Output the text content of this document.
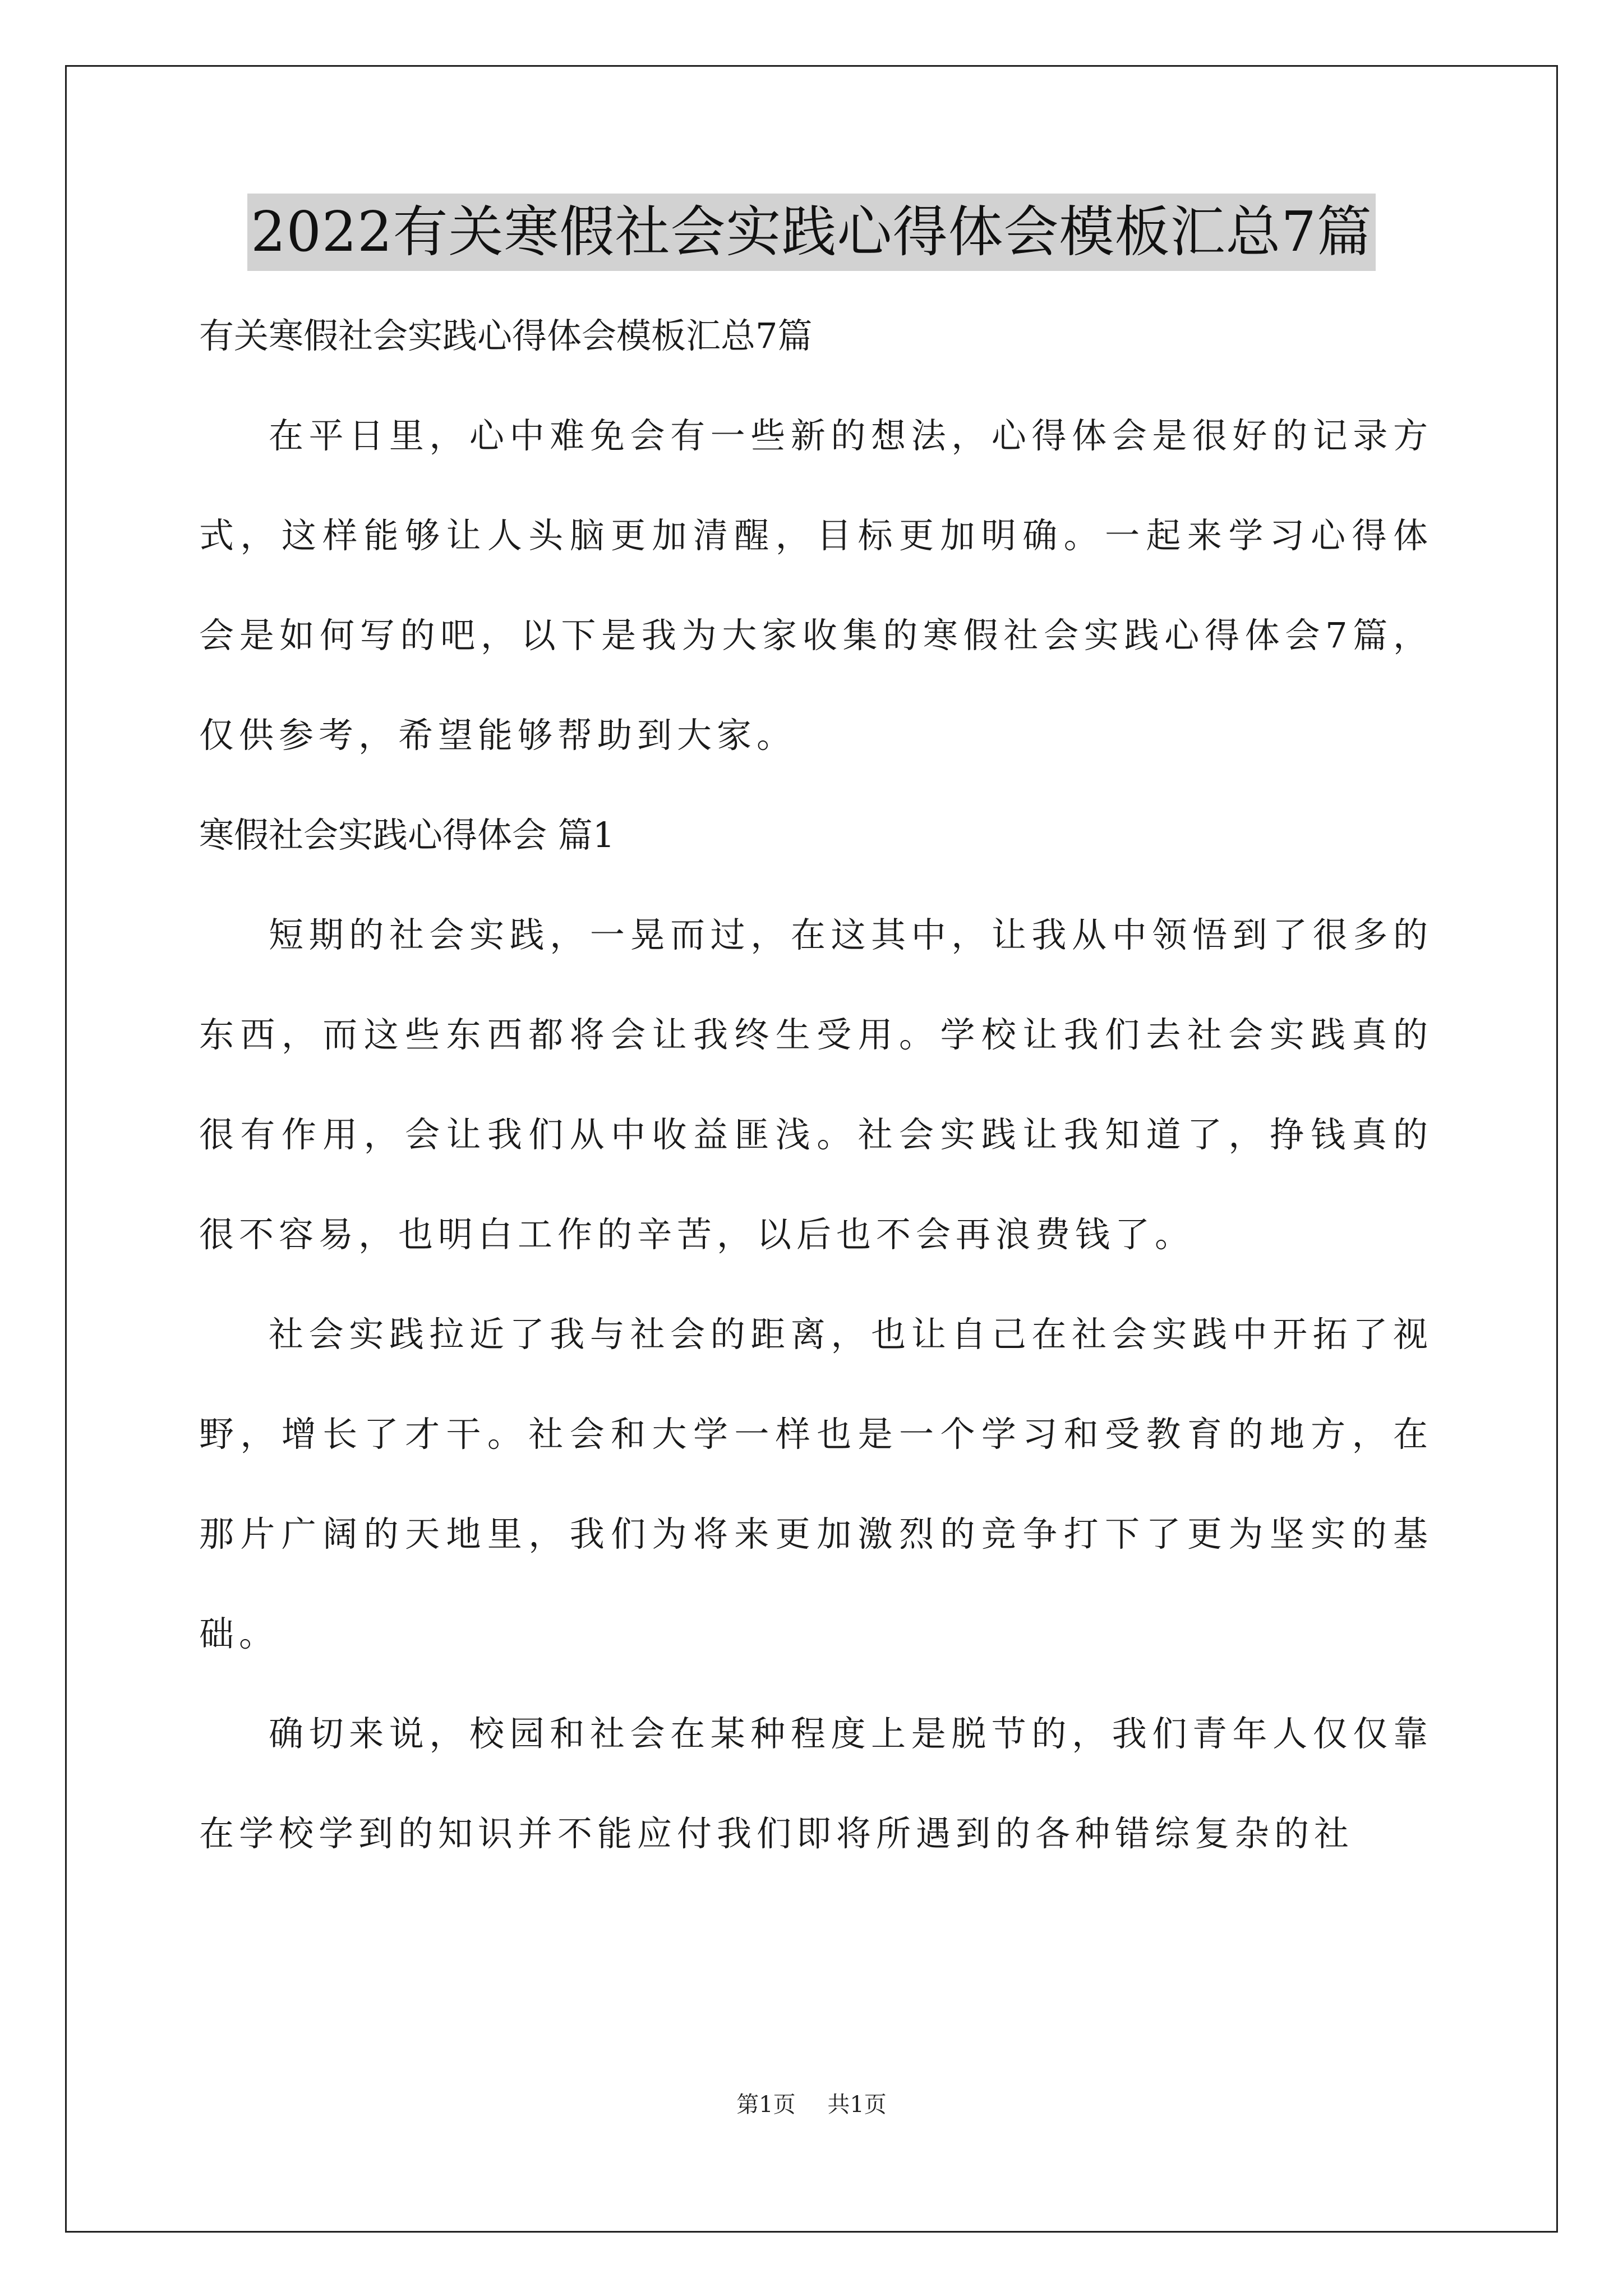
2022有关寒假社会实践心得体会模板汇总7篇

有关寒假社会实践心得体会模板汇总7篇

在平日里，心中难免会有一些新的想法，心得体会是很好的记录方式，这样能够让人头脑更加清醒，目标更加明确。一起来学习心得体会是如何写的吧，以下是我为大家收集的寒假社会实践心得体会7篇，仅供参考，希望能够帮助到大家。

寒假社会实践心得体会 篇1

短期的社会实践，一晃而过，在这其中，让我从中领悟到了很多的东西，而这些东西都将会让我终生受用。学校让我们去社会实践真的很有作用，会让我们从中收益匪浅。社会实践让我知道了，挣钱真的很不容易，也明白工作的辛苦，以后也不会再浪费钱了。

社会实践拉近了我与社会的距离，也让自己在社会实践中开拓了视野，增长了才干。社会和大学一样也是一个学习和受教育的地方，在那片广阔的天地里，我们为将来更加激烈的竞争打下了更为坚实的基础。

确切来说，校园和社会在某种程度上是脱节的，我们青年人仅仅靠在学校学到的知识并不能应付我们即将所遇到的各种错综复杂的社

第1页 共1页
